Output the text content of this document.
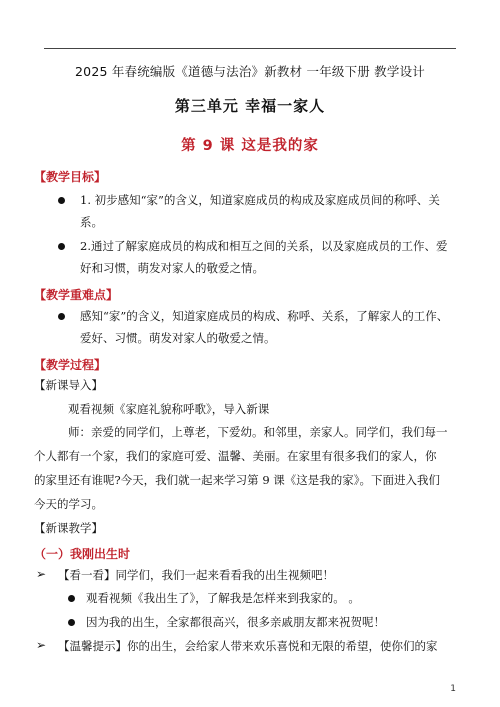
2025 年春统编版《道德与法治》新教材 一年级下册 教学设计
第三单元 幸福一家人
第 9 课 这是我的家
【教学目标】
1. 初步感知“家”的含义，知道家庭成员的构成及家庭成员间的称呼、关
系。
2.通过了解家庭成员的构成和相互之间的关系，以及家庭成员的工作、爱
好和习惯，萌发对家人的敬爱之情。
【教学重难点】
感知“家”的含义，知道家庭成员的构成、称呼、关系，了解家人的工作、
爱好、习惯。萌发对家人的敬爱之情。
【教学过程】
【新课导入】
观看视频《家庭礼貌称呼歌》，导入新课
师：亲爱的同学们，上尊老，下爱幼。和邻里，亲家人。同学们，我们每一
个人都有一个家，我们的家庭可爱、温馨、美丽。在家里有很多我们的家人，你
的家里还有谁呢?今天，我们就一起来学习第 9 课《这是我的家》。下面进入我们
今天的学习。
【新课教学】
（一）我刚出生时
➢ 【看一看】同学们，我们一起来看看我的出生视频吧！
观看视频《我出生了》，了解我是怎样来到我家的。 。
因为我的出生，全家都很高兴，很多亲戚朋友都来祝贺呢！
➢ 【温馨提示】你的出生，会给家人带来欢乐喜悦和无限的希望，使你们的家
1
